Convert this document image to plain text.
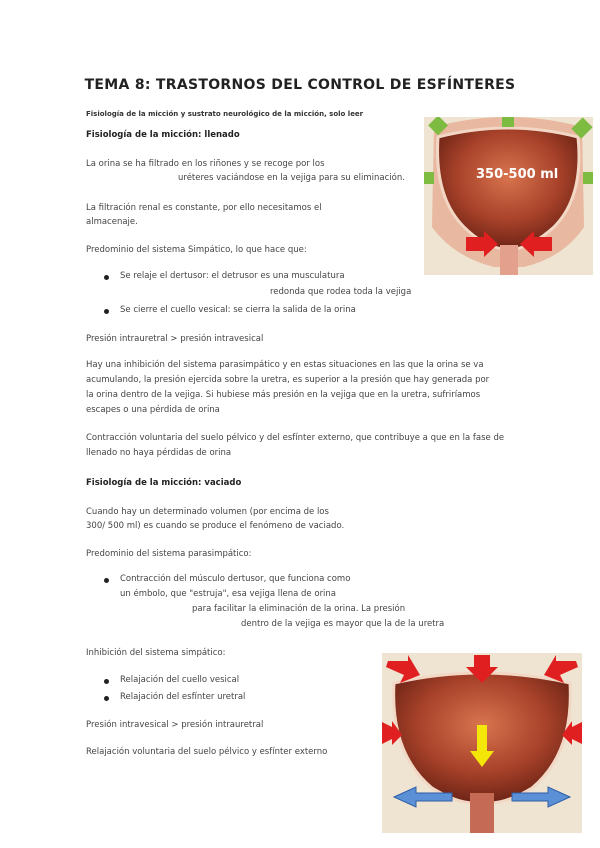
TEMA 8: TRASTORNOS DEL CONTROL DE ESFÍNTERES
Fisiología de la micción y sustrato neurológico de la micción, solo leer
Fisiología de la micción: llenado
La orina se ha filtrado en los riñones y se recoge por los
uréteres vaciándose en la vejiga para su eliminación.
La filtración renal es constante, por ello necesitamos el
almacenaje.
Predominio del sistema Simpático, lo que hace que:
Se relaje el dertusor: el detrusor es una musculatura
redonda que rodea toda la vejiga
Se cierre el cuello vesical: se cierra la salida de la orina
Presión intrauretral > presión intravesical
Hay una inhibición del sistema parasimpático y en estas situaciones en las que la orina se va
acumulando, la presión ejercida sobre la uretra, es superior a la presión que hay generada por
la orina dentro de la vejiga. Si hubiese más presión en la vejiga que en la uretra, sufriríamos
escapes o una pérdida de orina
Contracción voluntaria del suelo pélvico y del esfínter externo, que contribuye a que en la fase de
llenado no haya pérdidas de orina
Fisiología de la micción: vaciado
Cuando hay un determinado volumen (por encima de los
300/ 500 ml) es cuando se produce el fenómeno de vaciado.
Predominio del sistema parasimpático:
Contracción del músculo dertusor, que funciona como
un émbolo, que "estruja", esa vejiga llena de orina
para facilitar la eliminación de la orina. La presión
dentro de la vejiga es mayor que la de la uretra
Inhibición del sistema simpático:
Relajación del cuello vesical
Relajación del esfínter uretral
Presión intravesical > presión intrauretral
Relajación voluntaria del suelo pélvico y esfínter externo
350-500 ml
